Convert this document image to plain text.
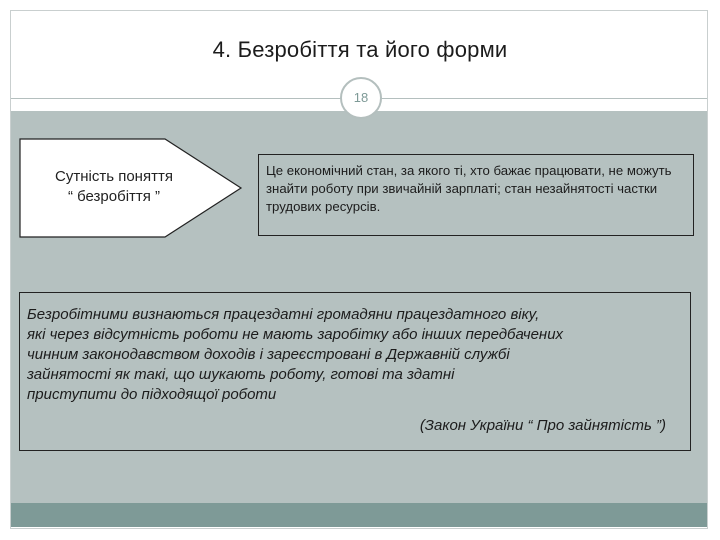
4. Безробіття та його форми
18
Сутність поняття
“ безробіття ”
Це економічний стан, за якого ті, хто бажає працювати, не можуть знайти роботу при звичайній зарплаті; стан незайнятості частки трудових ресурсів.
Безробітними визнаються працездатні громадяни працездатного віку,
які через відсутність роботи не мають заробітку або інших передбачених
чинним законодавством доходів і зареєстровані в Державній службі
зайнятості як такі, що шукають роботу, готові та здатні
приступити до підходящої роботи
(Закон України “ Про зайнятість ”)
